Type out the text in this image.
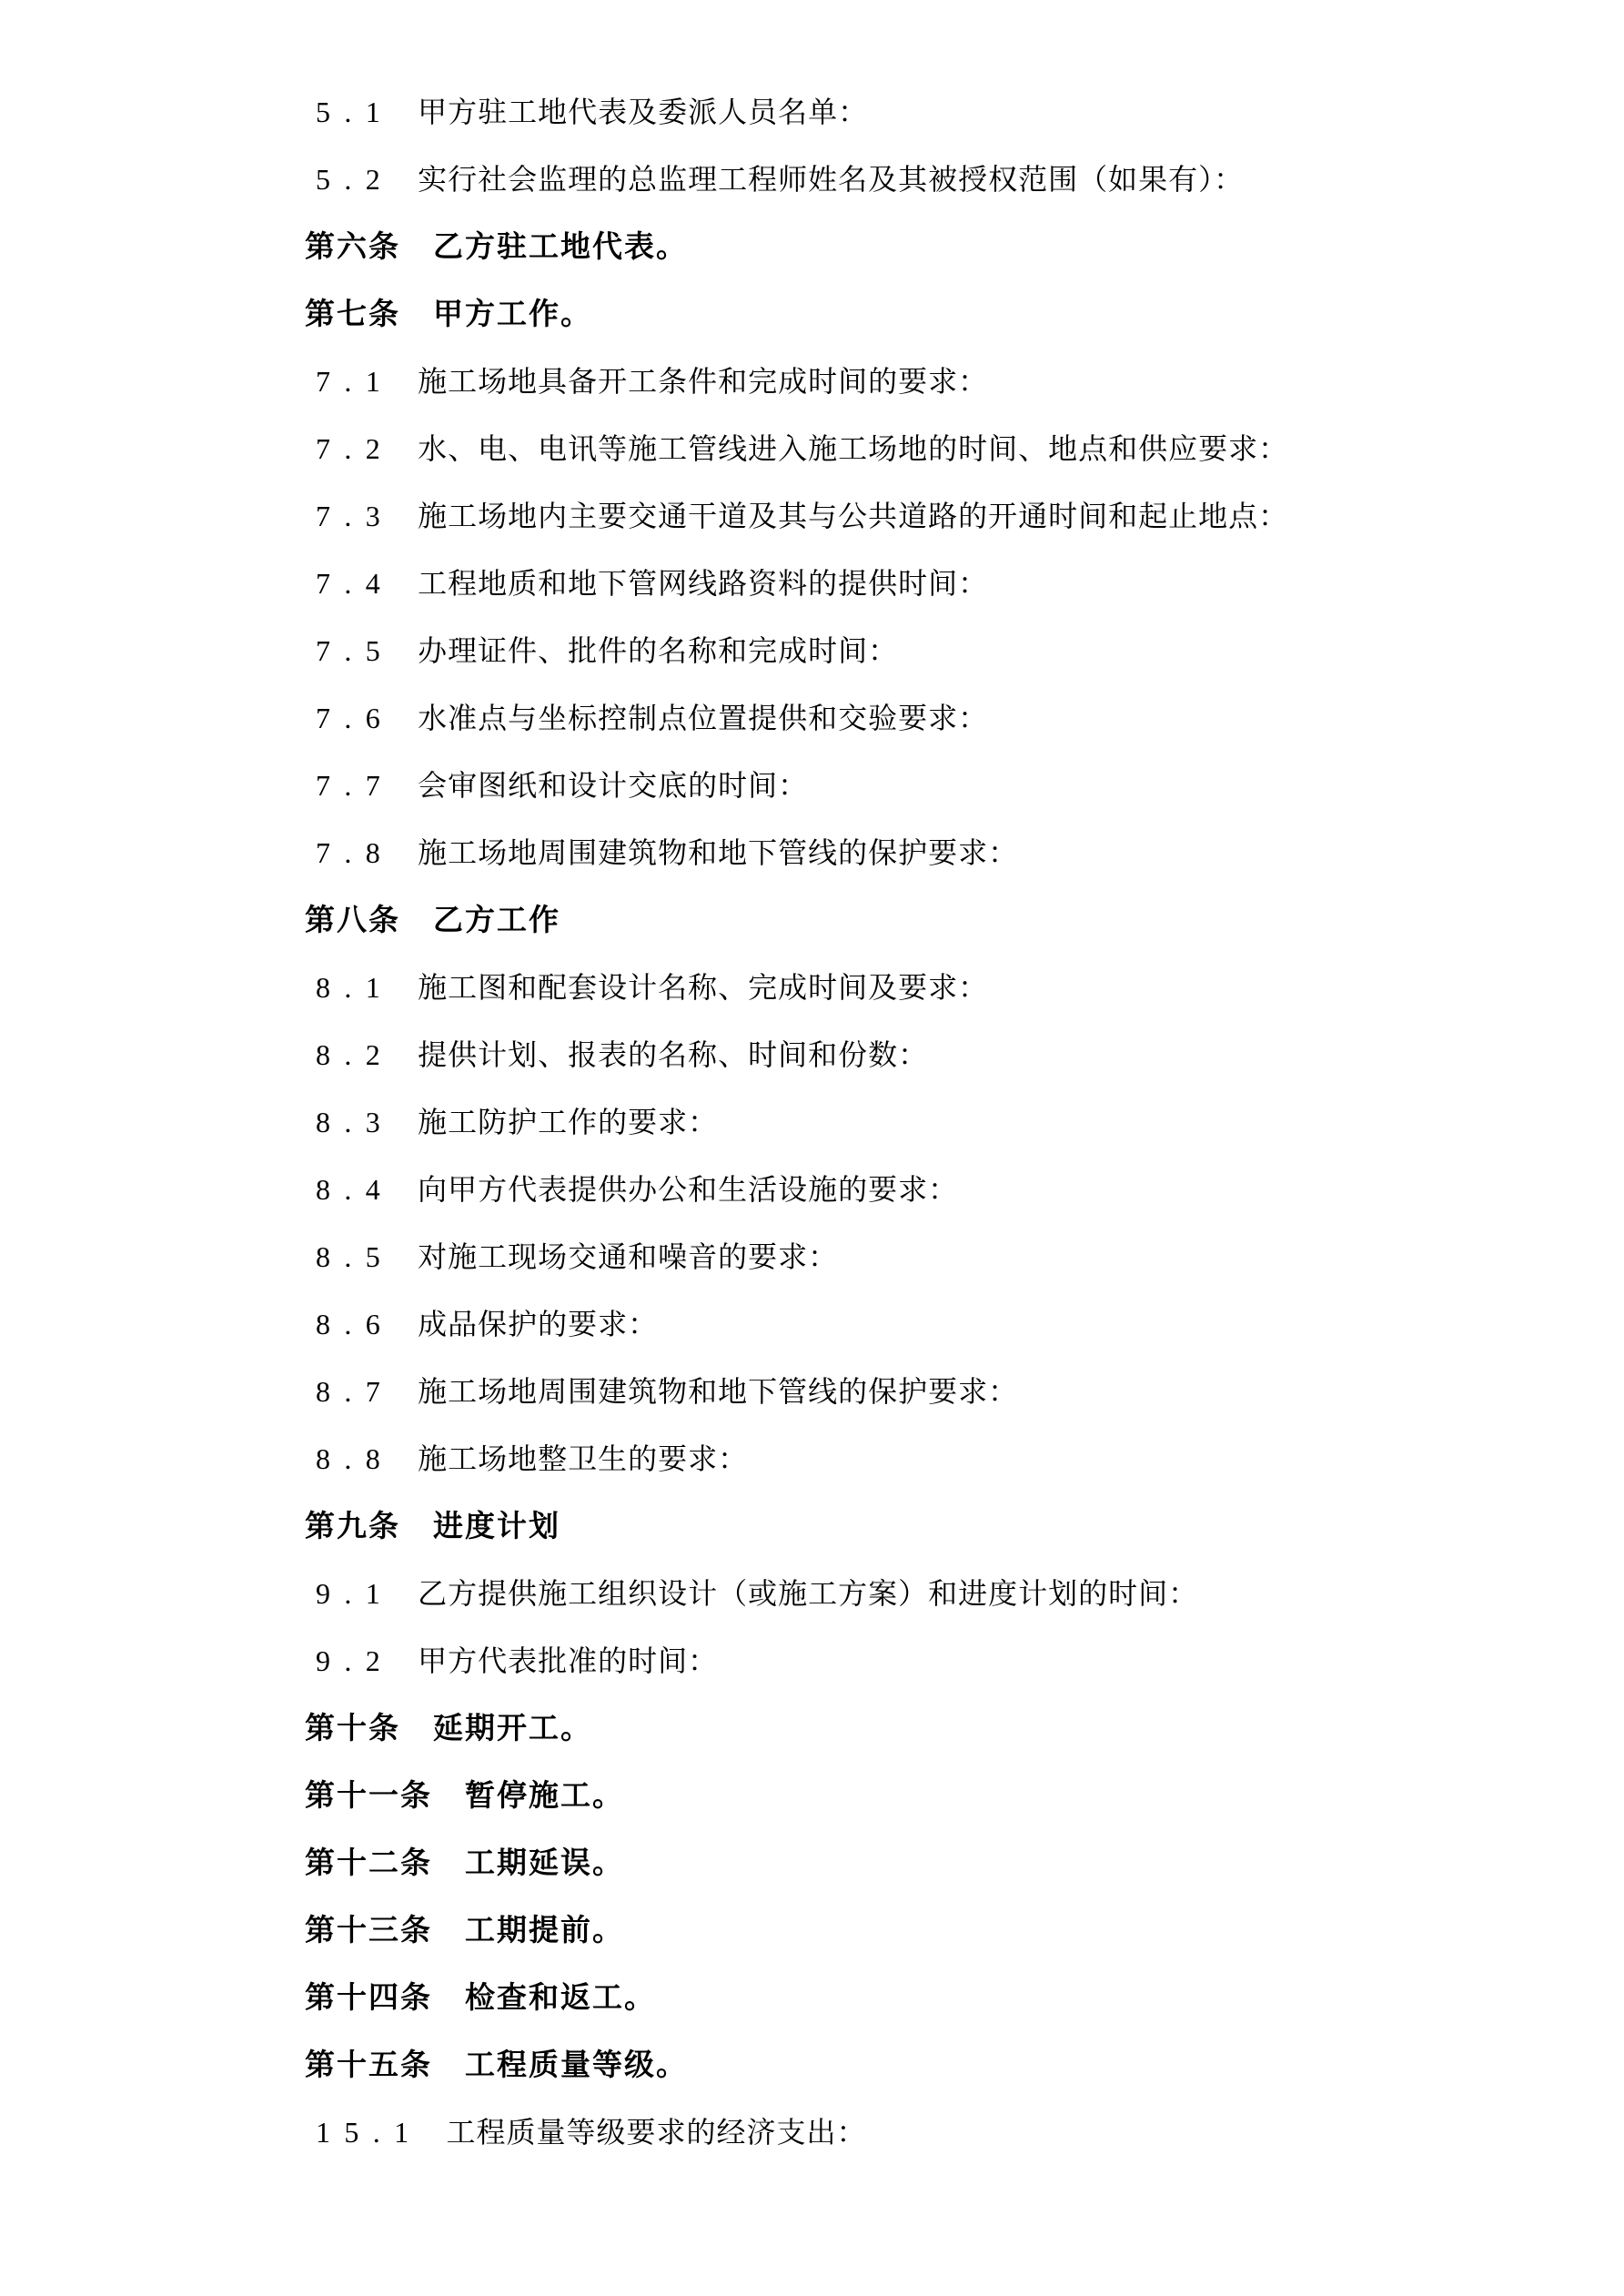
5.1 甲方驻工地代表及委派人员名单：
5.2 实行社会监理的总监理工程师姓名及其被授权范围（如果有）：
第六条 乙方驻工地代表。
第七条 甲方工作。
7.1 施工场地具备开工条件和完成时间的要求：
7.2 水、电、电讯等施工管线进入施工场地的时间、地点和供应要求：
7.3 施工场地内主要交通干道及其与公共道路的开通时间和起止地点：
7.4 工程地质和地下管网线路资料的提供时间：
7.5 办理证件、批件的名称和完成时间：
7.6 水准点与坐标控制点位置提供和交验要求：
7.7 会审图纸和设计交底的时间：
7.8 施工场地周围建筑物和地下管线的保护要求：
第八条 乙方工作
8.1 施工图和配套设计名称、完成时间及要求：
8.2 提供计划、报表的名称、时间和份数：
8.3 施工防护工作的要求：
8.4 向甲方代表提供办公和生活设施的要求：
8.5 对施工现场交通和噪音的要求：
8.6 成品保护的要求：
8.7 施工场地周围建筑物和地下管线的保护要求：
8.8 施工场地整卫生的要求：
第九条 进度计划
9.1 乙方提供施工组织设计（或施工方案）和进度计划的时间：
9.2 甲方代表批准的时间：
第十条 延期开工。
第十一条 暂停施工。
第十二条 工期延误。
第十三条 工期提前。
第十四条 检查和返工。
第十五条 工程质量等级。
15.1 工程质量等级要求的经济支出：
